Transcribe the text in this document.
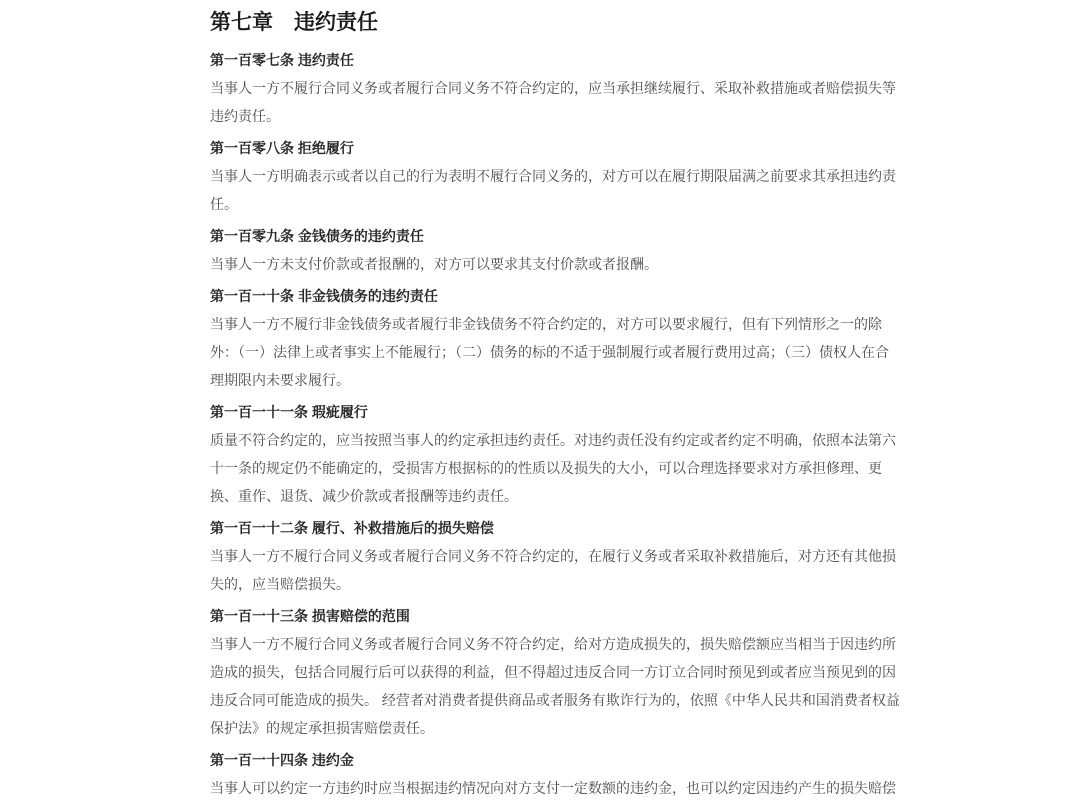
第七章　违约责任

第一百零七条 违约责任
当事人一方不履行合同义务或者履行合同义务不符合约定的，应当承担继续履行、采取补救措施或者赔偿损失等违约责任。

第一百零八条 拒绝履行
当事人一方明确表示或者以自己的行为表明不履行合同义务的，对方可以在履行期限届满之前要求其承担违约责任。

第一百零九条 金钱债务的违约责任
当事人一方未支付价款或者报酬的，对方可以要求其支付价款或者报酬。

第一百一十条 非金钱债务的违约责任
当事人一方不履行非金钱债务或者履行非金钱债务不符合约定的，对方可以要求履行，但有下列情形之一的除外：（一）法律上或者事实上不能履行；（二）债务的标的不适于强制履行或者履行费用过高；（三）债权人在合理期限内未要求履行。

第一百一十一条 瑕疵履行
质量不符合约定的，应当按照当事人的约定承担违约责任。对违约责任没有约定或者约定不明确，依照本法第六十一条的规定仍不能确定的，受损害方根据标的的性质以及损失的大小，可以合理选择要求对方承担修理、更换、重作、退货、减少价款或者报酬等违约责任。

第一百一十二条 履行、补救措施后的损失赔偿
当事人一方不履行合同义务或者履行合同义务不符合约定的，在履行义务或者采取补救措施后，对方还有其他损失的，应当赔偿损失。

第一百一十三条 损害赔偿的范围
当事人一方不履行合同义务或者履行合同义务不符合约定，给对方造成损失的，损失赔偿额应当相当于因违约所造成的损失，包括合同履行后可以获得的利益，但不得超过违反合同一方订立合同时预见到或者应当预见到的因违反合同可能造成的损失。 经营者对消费者提供商品或者服务有欺诈行为的，依照《中华人民共和国消费者权益保护法》的规定承担损害赔偿责任。

第一百一十四条 违约金
当事人可以约定一方违约时应当根据违约情况向对方支付一定数额的违约金，也可以约定因违约产生的损失赔偿
